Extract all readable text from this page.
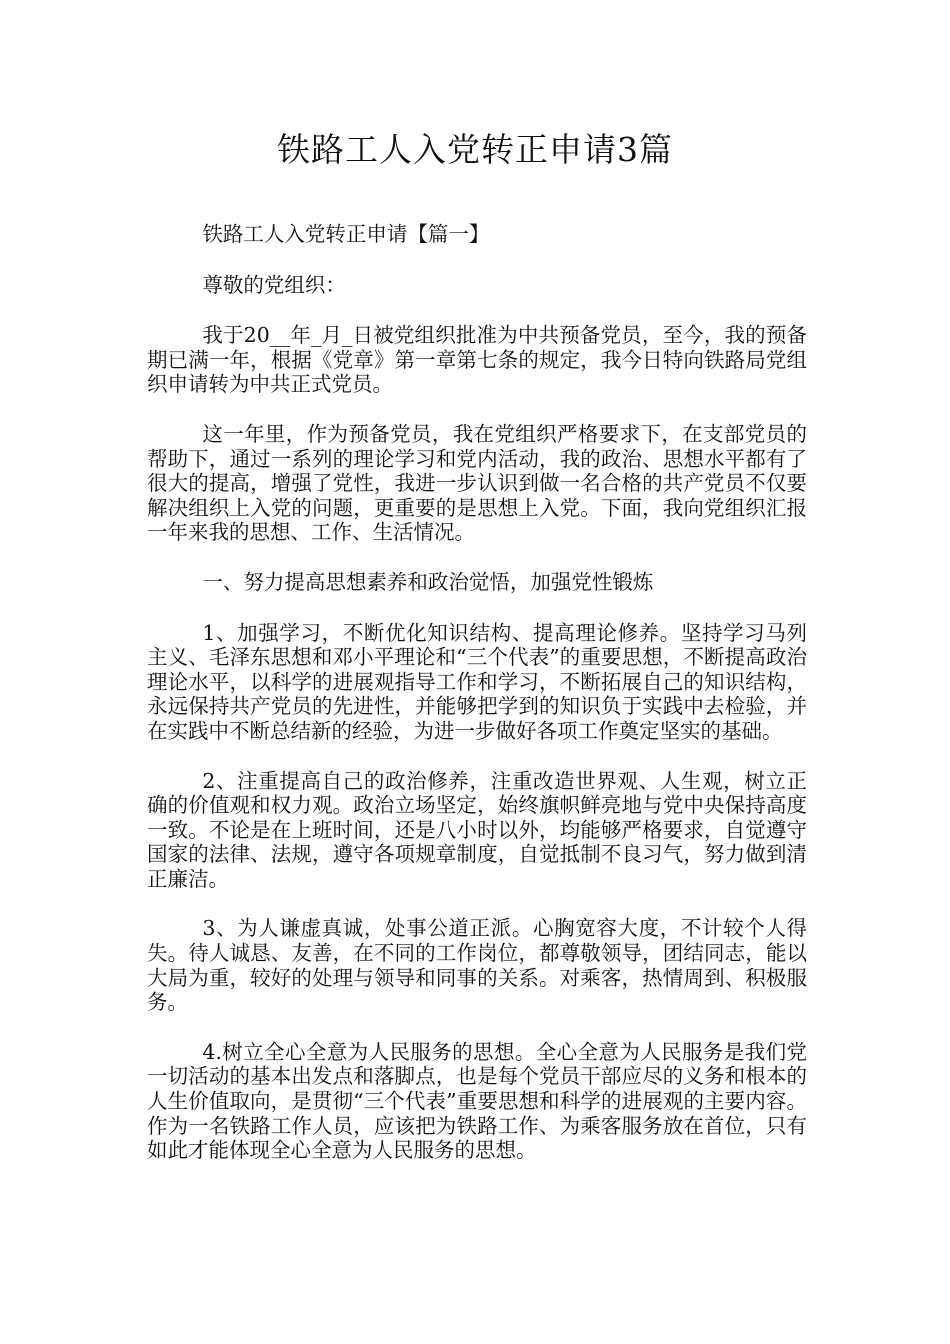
铁路工人入党转正申请3篇

铁路工人入党转正申请【篇一】

尊敬的党组织：

我于20__年_月_日被党组织批准为中共预备党员，至今，我的预备期已满一年，根据《党章》第一章第七条的规定，我今日特向铁路局党组织申请转为中共正式党员。

这一年里，作为预备党员，我在党组织严格要求下，在支部党员的帮助下，通过一系列的理论学习和党内活动，我的政治、思想水平都有了很大的提高，增强了党性，我进一步认识到做一名合格的共产党员不仅要解决组织上入党的问题，更重要的是思想上入党。下面，我向党组织汇报一年来我的思想、工作、生活情况。

一、努力提高思想素养和政治觉悟，加强党性锻炼

1、加强学习，不断优化知识结构、提高理论修养。坚持学习马列主义、毛泽东思想和邓小平理论和“三个代表”的重要思想，不断提高政治理论水平，以科学的进展观指导工作和学习，不断拓展自己的知识结构，永远保持共产党员的先进性，并能够把学到的知识负于实践中去检验，并在实践中不断总结新的经验，为进一步做好各项工作奠定坚实的基础。

2、注重提高自己的政治修养，注重改造世界观、人生观，树立正确的价值观和权力观。政治立场坚定，始终旗帜鲜亮地与党中央保持高度一致。不论是在上班时间，还是八小时以外，均能够严格要求，自觉遵守国家的法律、法规，遵守各项规章制度，自觉抵制不良习气，努力做到清正廉洁。

3、为人谦虚真诚，处事公道正派。心胸宽容大度，不计较个人得失。待人诚恳、友善，在不同的工作岗位，都尊敬领导，团结同志，能以大局为重，较好的处理与领导和同事的关系。对乘客，热情周到、积极服务。

4.树立全心全意为人民服务的思想。全心全意为人民服务是我们党一切活动的基本出发点和落脚点，也是每个党员干部应尽的义务和根本的人生价值取向，是贯彻“三个代表”重要思想和科学的进展观的主要内容。作为一名铁路工作人员，应该把为铁路工作、为乘客服务放在首位，只有如此才能体现全心全意为人民服务的思想。
